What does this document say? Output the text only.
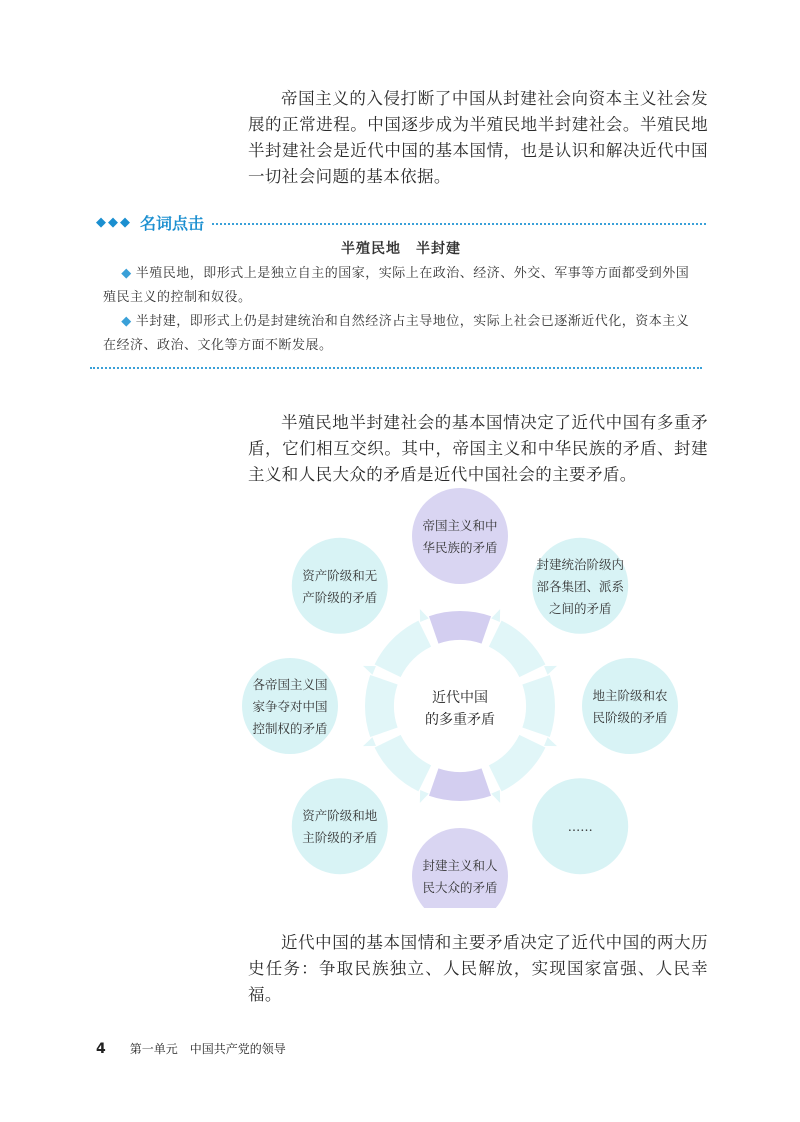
帝国主义的入侵打断了中国从封建社会向资本主义社会发展的正常进程。中国逐步成为半殖民地半封建社会。半殖民地半封建社会是近代中国的基本国情，也是认识和解决近代中国一切社会问题的基本依据。

◆◆◆ 名词点击
半殖民地　半封建

◆ 半殖民地，即形式上是独立自主的国家，实际上在政治、经济、外交、军事等方面都受到外国殖民主义的控制和奴役。

◆ 半封建，即形式上仍是封建统治和自然经济占主导地位，实际上社会已逐渐近代化，资本主义在经济、政治、文化等方面不断发展。

半殖民地半封建社会的基本国情决定了近代中国有多重矛盾，它们相互交织。其中，帝国主义和中华民族的矛盾、封建主义和人民大众的矛盾是近代中国社会的主要矛盾。

近代中国
的多重矛盾
帝国主义和中
华民族的矛盾
封建统治阶级内
部各集团、派系
之间的矛盾
地主阶级和农
民阶级的矛盾
……
封建主义和人
民大众的矛盾
资产阶级和地
主阶级的矛盾
各帝国主义国
家争夺对中国
控制权的矛盾
资产阶级和无
产阶级的矛盾

近代中国的基本国情和主要矛盾决定了近代中国的两大历史任务：争取民族独立、人民解放，实现国家富强、人民幸福。

4 第一单元 中国共产党的领导
